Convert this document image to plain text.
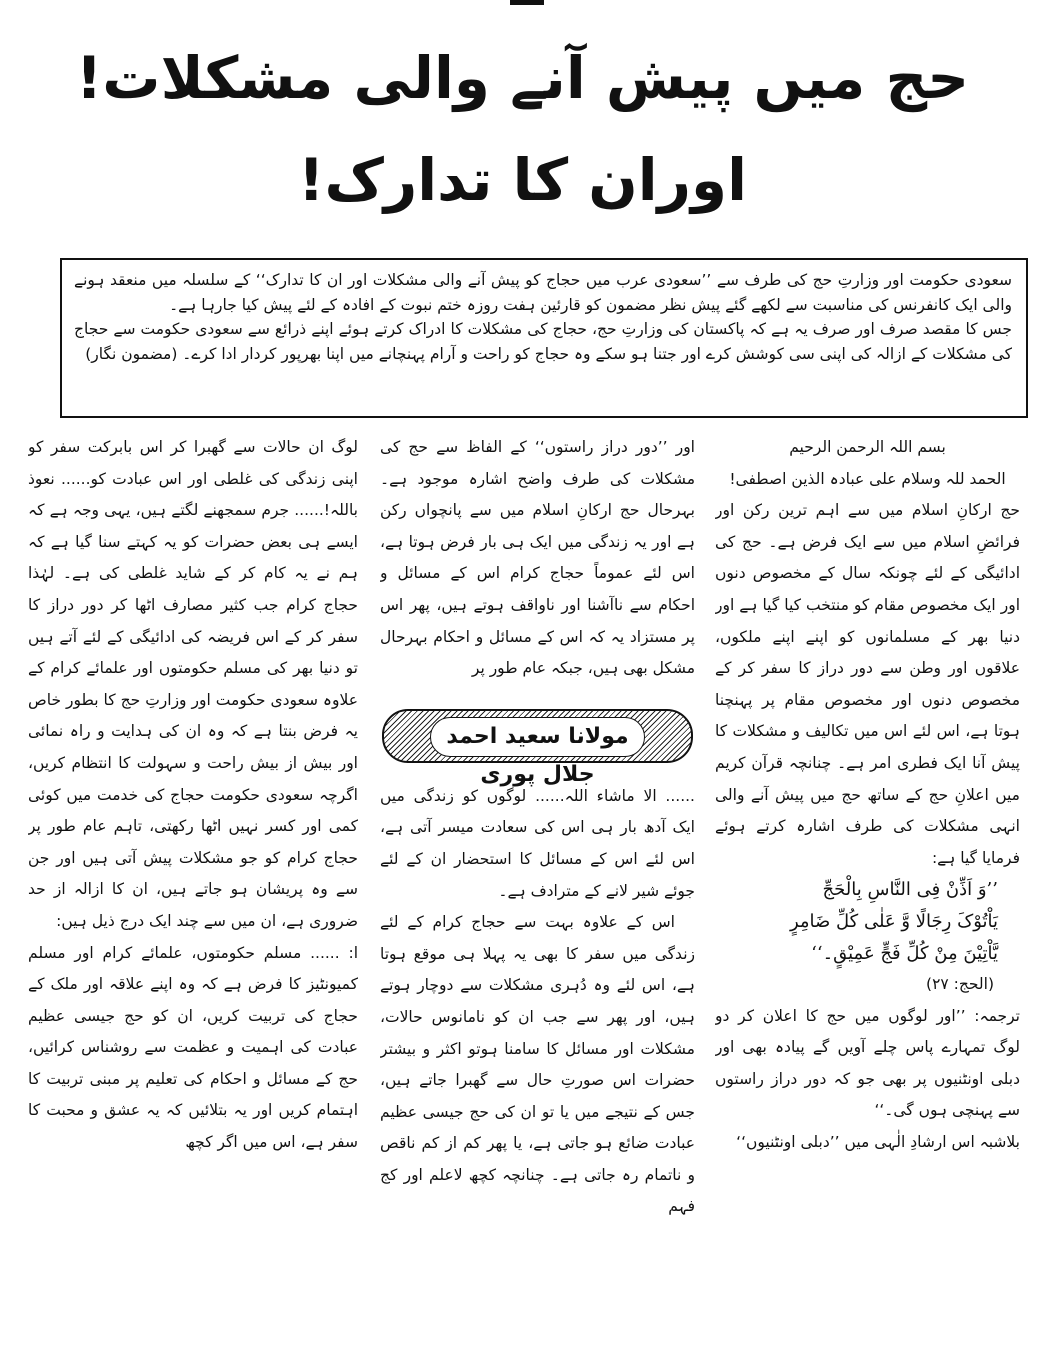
حج میں پیش آنے والی مشکلات!
اوران کا تدارک!

سعودی حکومت اور وزارتِ حج کی طرف سے ’’سعودی عرب میں حجاج کو پیش آنے والی مشکلات اور ان کا تدارک‘‘ کے سلسلہ میں منعقد ہونے والی ایک کانفرنس کی مناسبت سے لکھے گئے پیش نظر مضمون کو قارئین ہفت روزہ ختم نبوت کے افادہ کے لئے پیش کیا جارہا ہے۔

جس کا مقصد صرف اور صرف یہ ہے کہ پاکستان کی وزارتِ حج، حجاج کی مشکلات کا ادراک کرتے ہوئے اپنے ذرائع سے سعودی حکومت سے حجاج کی مشکلات کے ازالہ کی اپنی سی کوشش کرے اور جتنا ہو سکے وہ حجاج کو راحت و آرام پہنچانے میں اپنا بھرپور کردار ادا کرے۔ (مضمون نگار)

بسم اللہ الرحمن الرحیم

الحمد للہ وسلام علی عبادہ الذین اصطفی!

حج ارکانِ اسلام میں سے اہم ترین رکن اور فرائضِ اسلام میں سے ایک فرض ہے۔ حج کی ادائیگی کے لئے چونکہ سال کے مخصوص دنوں اور ایک مخصوص مقام کو منتخب کیا گیا ہے اور دنیا بھر کے مسلمانوں کو اپنے اپنے ملکوں، علاقوں اور وطن سے دور دراز کا سفر کر کے مخصوص دنوں اور مخصوص مقام پر پہنچنا ہوتا ہے، اس لئے اس میں تکالیف و مشکلات کا پیش آنا ایک فطری امر ہے۔ چنانچہ قرآن کریم میں اعلانِ حج کے ساتھ حج میں پیش آنے والی انہی مشکلات کی طرف اشارہ کرتے ہوئے فرمایا گیا ہے:

’’وَ اَذِّنْ فِی النَّاسِ بِالْحَجِّ

یَاْتُوْکَ رِجَالًا وَّ عَلٰی کُلِّ ضَامِرٍ

یَّاْتِیْنَ مِنْ کُلِّ فَجٍّ عَمِیْقٍ۔‘‘

(الحج: ۲۷)

ترجمہ: ’’اور لوگوں میں حج کا اعلان کر دو لوگ تمہارے پاس چلے آویں گے پیادہ بھی اور دبلی اونٹنیوں پر بھی جو کہ دور دراز راستوں سے پہنچی ہوں گی۔‘‘

بلاشبہ اس ارشادِ الٰہی میں ’’دبلی اونٹنیوں‘‘

اور ’’دور دراز راستوں‘‘ کے الفاظ سے حج کی مشکلات کی طرف واضح اشارہ موجود ہے۔ بہرحال حج ارکانِ اسلام میں سے پانچواں رکن ہے اور یہ زندگی میں ایک ہی بار فرض ہوتا ہے، اس لئے عموماً حجاج کرام اس کے مسائل و احکام سے ناآشنا اور ناواقف ہوتے ہیں، پھر اس پر مستزاد یہ کہ اس کے مسائل و احکام بہرحال مشکل بھی ہیں، جبکہ عام طور پر

مولانا سعید احمد جلال پوری

...... الا ماشاء اللہ...... لوگوں کو زندگی میں ایک آدھ بار ہی اس کی سعادت میسر آتی ہے، اس لئے اس کے مسائل کا استحضار ان کے لئے جوئے شیر لانے کے مترادف ہے۔

اس کے علاوہ بہت سے حجاج کرام کے لئے زندگی میں سفر کا بھی یہ پہلا ہی موقع ہوتا ہے، اس لئے وہ دُہری مشکلات سے دوچار ہوتے ہیں، اور پھر سے جب ان کو نامانوس حالات، مشکلات اور مسائل کا سامنا ہوتو اکثر و بیشتر حضرات اس صورتِ حال سے گھبرا جاتے ہیں، جس کے نتیجے میں یا تو ان کی حج جیسی عظیم عبادت ضائع ہو جاتی ہے، یا پھر کم از کم ناقص و ناتمام رہ جاتی ہے۔ چنانچہ کچھ لاعلم اور کج فہم

لوگ ان حالات سے گھبرا کر اس بابرکت سفر کو اپنی زندگی کی غلطی اور اس عبادت کو...... نعوذ باللہ!...... جرم سمجھنے لگتے ہیں، یہی وجہ ہے کہ ایسے ہی بعض حضرات کو یہ کہتے سنا گیا ہے کہ ہم نے یہ کام کر کے شاید غلطی کی ہے۔ لہٰذا حجاج کرام جب کثیر مصارف اٹھا کر دور دراز کا سفر کر کے اس فریضہ کی ادائیگی کے لئے آتے ہیں تو دنیا بھر کی مسلم حکومتوں اور علمائے کرام کے علاوہ سعودی حکومت اور وزارتِ حج کا بطور خاص یہ فرض بنتا ہے کہ وہ ان کی ہدایت و راہ نمائی اور بیش از بیش راحت و سہولت کا انتظام کریں، اگرچہ سعودی حکومت حجاج کی خدمت میں کوئی کمی اور کسر نہیں اٹھا رکھتی، تاہم عام طور پر حجاج کرام کو جو مشکلات پیش آتی ہیں اور جن سے وہ پریشان ہو جاتے ہیں، ان کا ازالہ از حد ضروری ہے، ان میں سے چند ایک درج ذیل ہیں:

ا: ...... مسلم حکومتوں، علمائے کرام اور مسلم کمیونٹیز کا فرض ہے کہ وہ اپنے علاقہ اور ملک کے حجاج کی تربیت کریں، ان کو حج جیسی عظیم عبادت کی اہمیت و عظمت سے روشناس کرائیں، حج کے مسائل و احکام کی تعلیم پر مبنی تربیت کا اہتمام کریں اور یہ بتلائیں کہ یہ عشق و محبت کا سفر ہے، اس میں اگر کچھ
